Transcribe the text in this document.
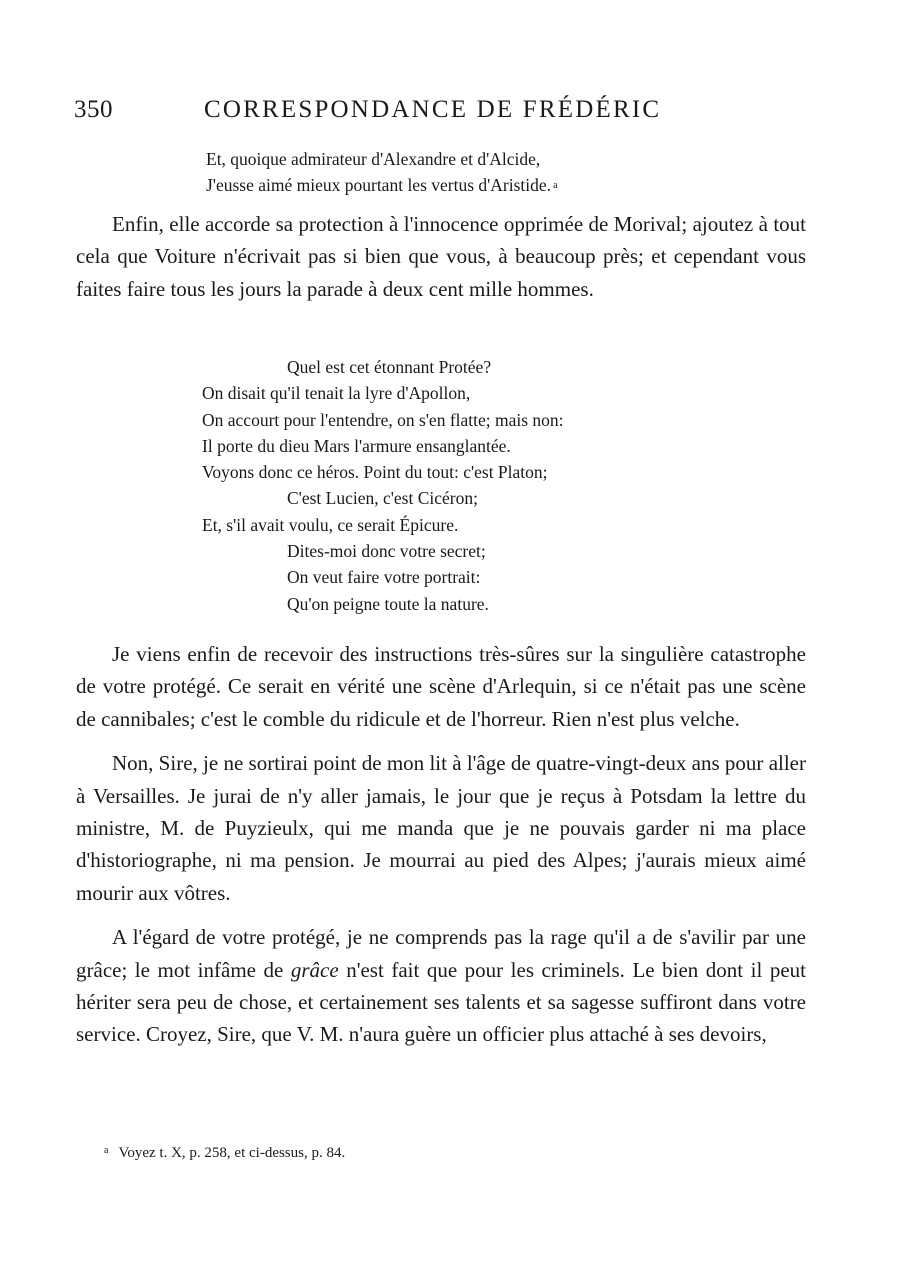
350	CORRESPONDANCE DE FRÉDÉRIC
Et, quoique admirateur d'Alexandre et d'Alcide,
J'eusse aimé mieux pourtant les vertus d'Aristide. $^a$

Enfin, elle accorde sa protection à l'innocence opprimée de Morival; ajoutez à tout cela que Voiture n'écrivait pas si bien que vous, à beaucoup près; et cependant vous faites faire tous les jours la parade à deux cent mille hommes.

Quel est cet étonnant Protée?
On disait qu'il tenait la lyre d'Apollon,
On accourt pour l'entendre, on s'en flatte; mais non:
Il porte du dieu Mars l'armure ensanglantée.
Voyons donc ce héros. Point du tout: c'est Platon;
C'est Lucien, c'est Cicéron;
Et, s'il avait voulu, ce serait Épicure.
Dites-moi donc votre secret;
On veut faire votre portrait:
Qu'on peigne toute la nature.

Je viens enfin de recevoir des instructions très-sûres sur la singulière catastrophe de votre protégé. Ce serait en vérité une scène d'Arlequin, si ce n'était pas une scène de cannibales; c'est le comble du ridicule et de l'horreur. Rien n'est plus velche.

Non, Sire, je ne sortirai point de mon lit à l'âge de quatre-vingt-deux ans pour aller à Versailles. Je jurai de n'y aller jamais, le jour que je reçus à Potsdam la lettre du ministre, M. de Puyzieulx, qui me manda que je ne pouvais garder ni ma place d'historiographe, ni ma pension. Je mourrai au pied des Alpes; j'aurais mieux aimé mourir aux vôtres.

A l'égard de votre protégé, je ne comprends pas la rage qu'il a de s'avilir par une grâce; le mot infâme de grâce n'est fait que pour les criminels. Le bien dont il peut hériter sera peu de chose, et certainement ses talents et sa sagesse suffiront dans votre service. Croyez, Sire, que V. M. n'aura guère un officier plus attaché à ses devoirs,

$^a$ Voyez t. X, p. 258, et ci-dessus, p. 84.
